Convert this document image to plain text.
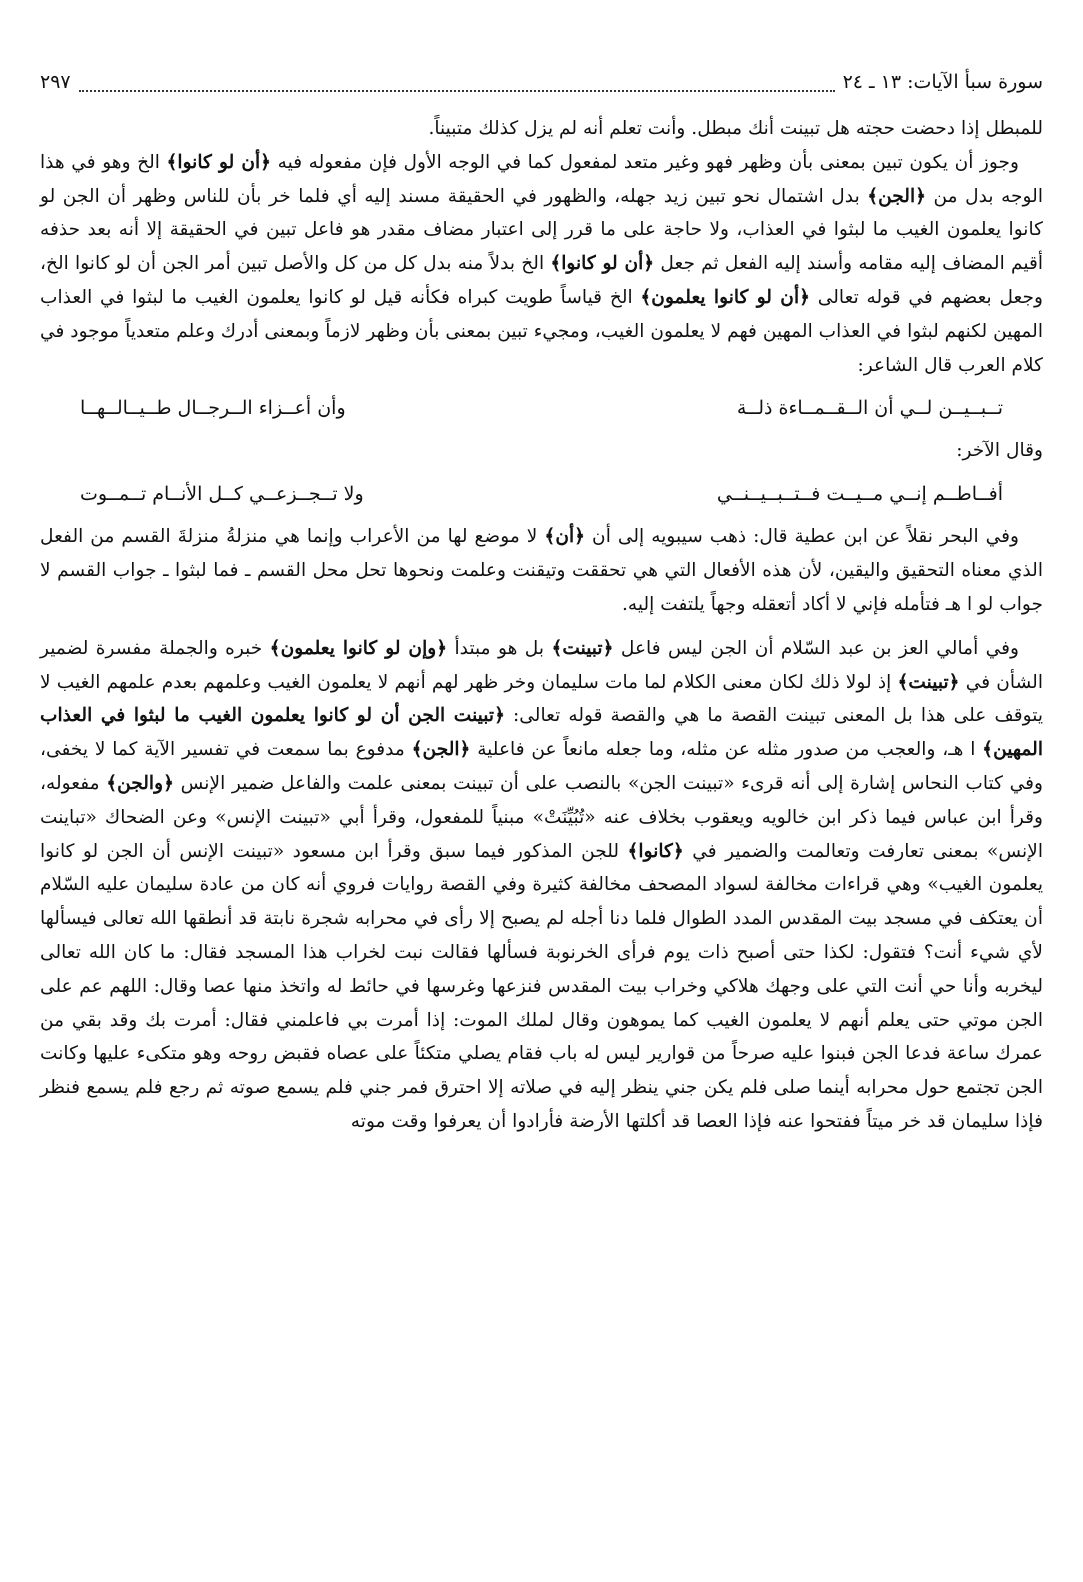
سورة سبأ الآيات: ١٣ ـ ٢٤
٢٩٧

للمبطل إذا دحضت حجته هل تبينت أنك مبطل. وأنت تعلم أنه لم يزل كذلك متبيناً.

وجوز أن يكون تبين بمعنى بأن وظهر فهو وغير متعد لمفعول كما في الوجه الأول فإن مفعوله فيه ﴿أن لو كانوا﴾ الخ وهو في هذا الوجه بدل من ﴿الجن﴾ بدل اشتمال نحو تبين زيد جهله، والظهور في الحقيقة مسند إليه أي فلما خر بأن للناس وظهر أن الجن لو كانوا يعلمون الغيب ما لبثوا في العذاب، ولا حاجة على ما قرر إلى اعتبار مضاف مقدر هو فاعل تبين في الحقيقة إلا أنه بعد حذفه أقيم المضاف إليه مقامه وأسند إليه الفعل ثم جعل ﴿أن لو كانوا﴾ الخ بدلاً منه بدل كل من كل والأصل تبين أمر الجن أن لو كانوا الخ، وجعل بعضهم في قوله تعالى ﴿أن لو كانوا يعلمون﴾ الخ قياساً طويت كبراه فكأنه قيل لو كانوا يعلمون الغيب ما لبثوا في العذاب المهين لكنهم لبثوا في العذاب المهين فهم لا يعلمون الغيب، ومجيء تبين بمعنى بأن وظهر لازماً وبمعنى أدرك وعلم متعدياً موجود في كلام العرب قال الشاعر:

تــبــيــن لــي أن الــقــمــاءة ذلــة
وأن أعــزاء الــرجــال طــيــالــهــا

وقال الآخر:

أفــاطــم إنــي مــيــت فــتــبــيــنــي
ولا تــجــزعــي كــل الأنــام تــمــوت

وفي البحر نقلاً عن ابن عطية قال: ذهب سيبويه إلى أن ﴿أن﴾ لا موضع لها من الأعراب وإنما هي منزلةُ منزلةَ القسم من الفعل الذي معناه التحقيق واليقين، لأن هذه الأفعال التي هي تحققت وتيقنت وعلمت ونحوها تحل محل القسم ـ فما لبثوا ـ جواب القسم لا جواب لو ا هـ فتأمله فإني لا أكاد أتعقله وجهاً يلتفت إليه.

وفي أمالي العز بن عبد السّلام أن الجن ليس فاعل ﴿تبينت﴾ بل هو مبتدأ ﴿وإن لو كانوا يعلمون﴾ خبره والجملة مفسرة لضمير الشأن في ﴿تبينت﴾ إذ لولا ذلك لكان معنى الكلام لما مات سليمان وخر ظهر لهم أنهم لا يعلمون الغيب وعلمهم بعدم علمهم الغيب لا يتوقف على هذا بل المعنى تبينت القصة ما هي والقصة قوله تعالى: ﴿تبينت الجن أن لو كانوا يعلمون الغيب ما لبثوا في العذاب المهين﴾ ا هـ، والعجب من صدور مثله عن مثله، وما جعله مانعاً عن فاعلية ﴿الجن﴾ مدفوع بما سمعت في تفسير الآية كما لا يخفى، وفي كتاب النحاس إشارة إلى أنه قرىء «تبينت الجن» بالنصب على أن تبينت بمعنى علمت والفاعل ضمير الإنس ﴿والجن﴾ مفعوله، وقرأ ابن عباس فيما ذكر ابن خالويه ويعقوب بخلاف عنه «تُبُيِّنَتْ» مبنياً للمفعول، وقرأ أبي «تبينت الإنس» وعن الضحاك «تباينت الإنس» بمعنى تعارفت وتعالمت والضمير في ﴿كانوا﴾ للجن المذكور فيما سبق وقرأ ابن مسعود «تبينت الإنس أن الجن لو كانوا يعلمون الغيب» وهي قراءات مخالفة لسواد المصحف مخالفة كثيرة وفي القصة روايات فروي أنه كان من عادة سليمان عليه السّلام أن يعتكف في مسجد بيت المقدس المدد الطوال فلما دنا أجله لم يصبح إلا رأى في محرابه شجرة نابتة قد أنطقها الله تعالى فيسألها لأي شيء أنت؟ فتقول: لكذا حتى أصبح ذات يوم فرأى الخرنوبة فسألها فقالت نبت لخراب هذا المسجد فقال: ما كان الله تعالى ليخربه وأنا حي أنت التي على وجهك هلاكي وخراب بيت المقدس فنزعها وغرسها في حائط له واتخذ منها عصا وقال: اللهم عم على الجن موتي حتى يعلم أنهم لا يعلمون الغيب كما يموهون وقال لملك الموت: إذا أمرت بي فاعلمني فقال: أمرت بك وقد بقي من عمرك ساعة فدعا الجن فبنوا عليه صرحاً من قوارير ليس له باب فقام يصلي متكئاً على عصاه فقبض روحه وهو متكىء عليها وكانت الجن تجتمع حول محرابه أينما صلى فلم يكن جني ينظر إليه في صلاته إلا احترق فمر جني فلم يسمع صوته ثم رجع فلم يسمع فنظر فإذا سليمان قد خر ميتاً ففتحوا عنه فإذا العصا قد أكلتها الأرضة فأرادوا أن يعرفوا وقت موته
